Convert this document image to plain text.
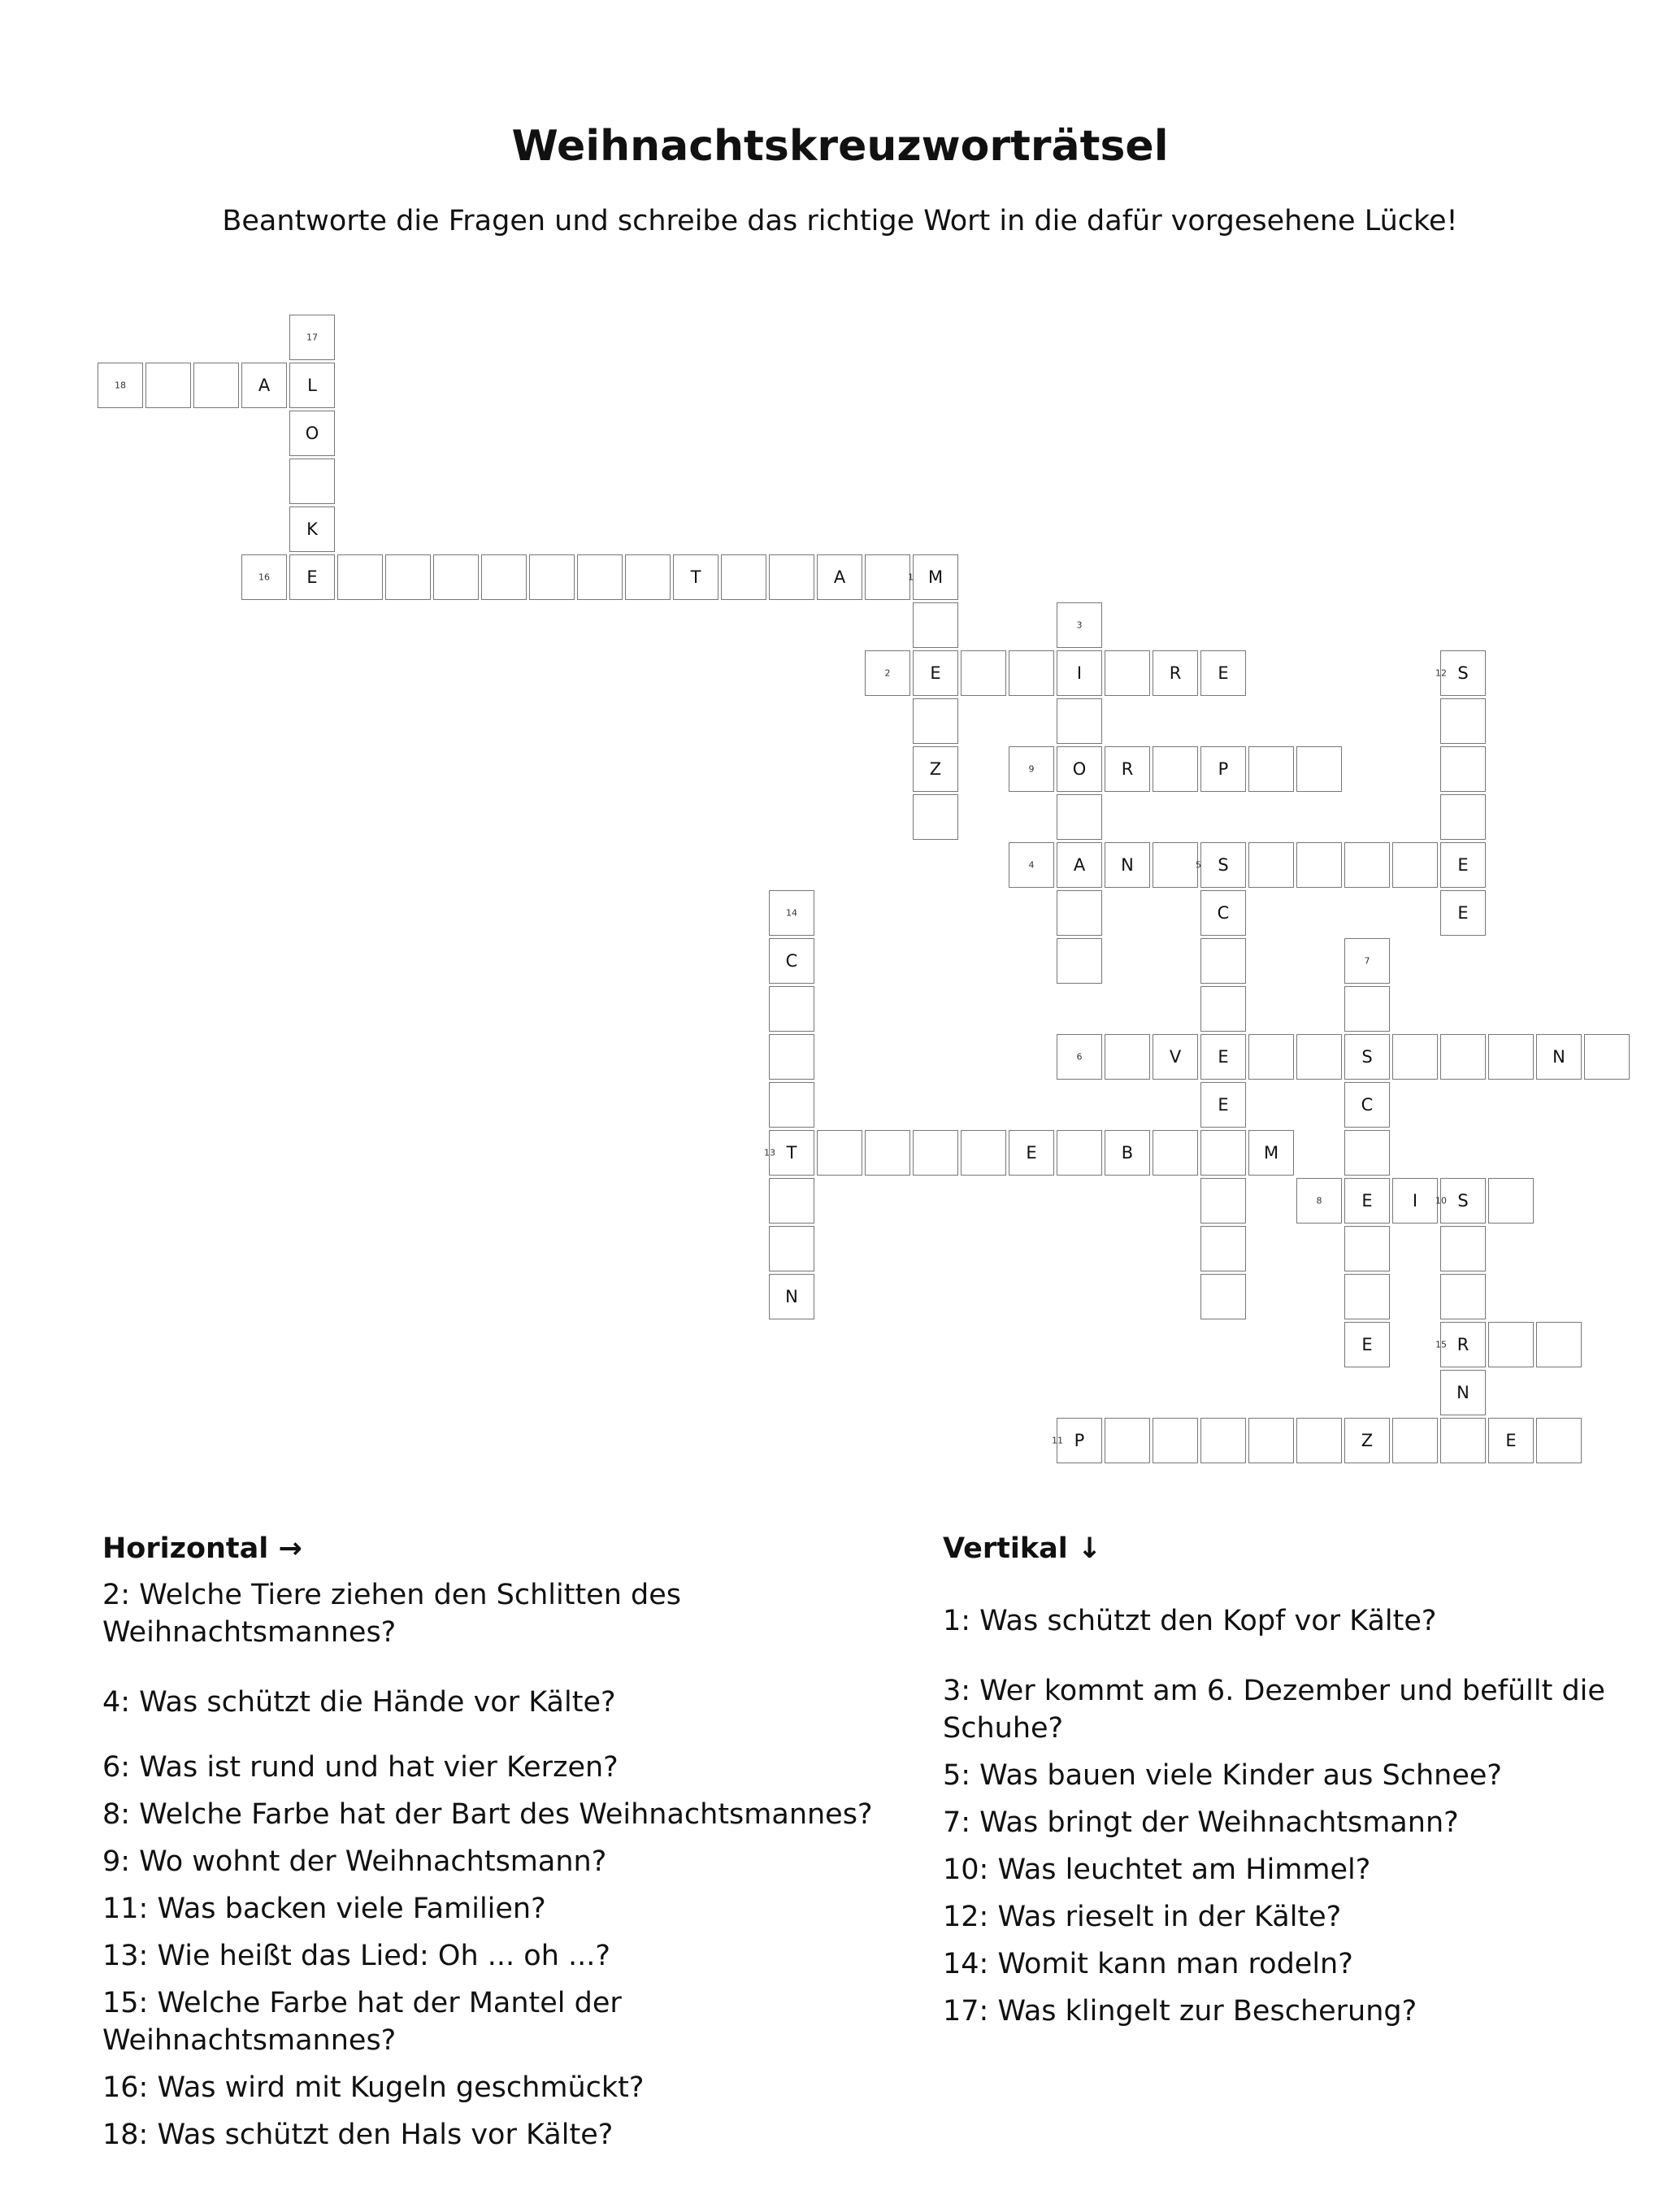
Weihnachtskreuzworträtsel

Beantworte die Fragen und schreibe das richtige Wort in die dafür vorgesehene Lücke!

17
18	A L
O
K
16 E	T	A	1 M
3
2 E	I	R E	12 S
Z	9 O R	P
4 A N	5 S	E
14	C	E
C	7
6	V E	S	N
E	C
13 T	E	B	M
8 E I 10 S
N
E	15 R
N
11 P	Z	E
Horizontal →

2: Welche Tiere ziehen den Schlitten des Weihnachtsmannes?

4: Was schützt die Hände vor Kälte?

6: Was ist rund und hat vier Kerzen?

8: Welche Farbe hat der Bart des Weihnachtsmannes?

9: Wo wohnt der Weihnachtsmann?

11: Was backen viele Familien?

13: Wie heißt das Lied: Oh ... oh ...?

15: Welche Farbe hat der Mantel der Weihnachtsmannes?

16: Was wird mit Kugeln geschmückt?

18: Was schützt den Hals vor Kälte?

Vertikal ↓

1: Was schützt den Kopf vor Kälte?

3: Wer kommt am 6. Dezember und befüllt die Schuhe?

5: Was bauen viele Kinder aus Schnee?

7: Was bringt der Weihnachtsmann?

10: Was leuchtet am Himmel?

12: Was rieselt in der Kälte?

14: Womit kann man rodeln?

17: Was klingelt zur Bescherung?
